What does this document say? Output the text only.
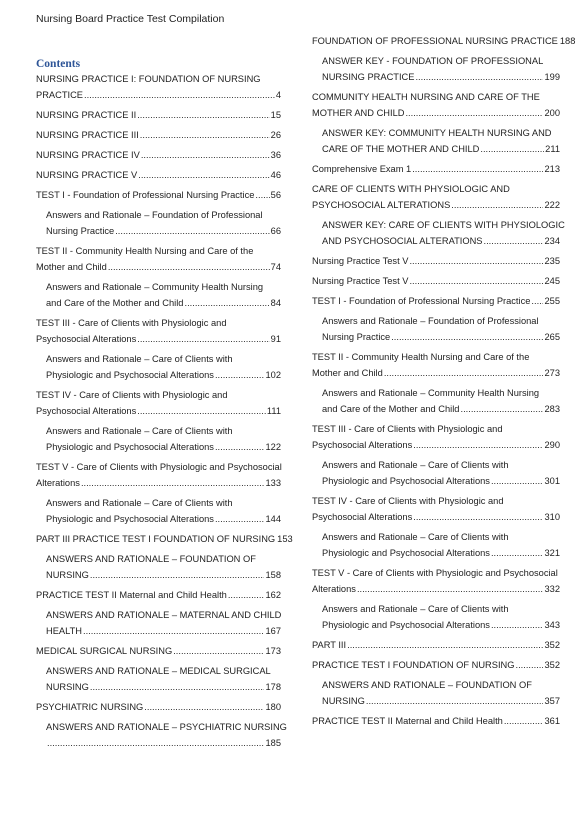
Nursing Board Practice Test Compilation
Contents
NURSING PRACTICE I: FOUNDATION OF NURSING
PRACTICE .....	4
NURSING PRACTICE II .....	15
NURSING PRACTICE III .....	26
NURSING PRACTICE IV .....	36
NURSING PRACTICE V .....	46
TEST I - Foundation of Professional Nursing Practice ..... 56
Answers and Rationale – Foundation of Professional
Nursing Practice .....	66
TEST II - Community Health Nursing and Care of the
Mother and Child .....	74
Answers and Rationale – Community Health Nursing
and Care of the Mother and Child .....	84
TEST III - Care of Clients with Physiologic and
Psychosocial Alterations .....	91
Answers and Rationale – Care of Clients with
Physiologic and Psychosocial Alterations .....	102
TEST IV - Care of Clients with Physiologic and
Psychosocial Alterations .....	111
Answers and Rationale – Care of Clients with
Physiologic and Psychosocial Alterations .....	122
TEST V - Care of Clients with Physiologic and Psychosocial
Alterations .....	133
Answers and Rationale – Care of Clients with
Physiologic and Psychosocial Alterations .....	144
PART III PRACTICE TEST I FOUNDATION OF NURSING 153
ANSWERS AND RATIONALE – FOUNDATION OF
NURSING .....	158
PRACTICE TEST II Maternal and Child Health .....	162
ANSWERS AND RATIONALE – MATERNAL AND CHILD
HEALTH .....	167
MEDICAL SURGICAL NURSING .....	173
ANSWERS AND RATIONALE – MEDICAL SURGICAL
NURSING .....	178
PSYCHIATRIC NURSING .....	180
ANSWERS AND RATIONALE – PSYCHIATRIC NURSING
.....
185
FOUNDATION OF PROFESSIONAL NURSING PRACTICE 188
ANSWER KEY - FOUNDATION OF PROFESSIONAL
NURSING PRACTICE .....	199
COMMUNITY HEALTH NURSING AND CARE OF THE
MOTHER AND CHILD .....	200
ANSWER KEY: COMMUNITY HEALTH NURSING AND
CARE OF THE MOTHER AND CHILD .....	211
Comprehensive Exam 1 .....	213
CARE OF CLIENTS WITH PHYSIOLOGIC AND
PSYCHOSOCIAL ALTERATIONS .....	222
ANSWER KEY: CARE OF CLIENTS WITH PHYSIOLOGIC
AND PSYCHOSOCIAL ALTERATIONS .....	234
Nursing Practice Test V .....	235
Nursing Practice Test V .....	245
TEST I - Foundation of Professional Nursing Practice ..... 255
Answers and Rationale – Foundation of Professional
Nursing Practice .....	265
TEST II - Community Health Nursing and Care of the
Mother and Child .....	273
Answers and Rationale – Community Health Nursing
and Care of the Mother and Child .....	283
TEST III - Care of Clients with Physiologic and
Psychosocial Alterations .....	290
Answers and Rationale – Care of Clients with
Physiologic and Psychosocial Alterations .....	301
TEST IV - Care of Clients with Physiologic and
Psychosocial Alterations .....	310
Answers and Rationale – Care of Clients with
Physiologic and Psychosocial Alterations .....	321
TEST V - Care of Clients with Physiologic and Psychosocial
Alterations .....	332
Answers and Rationale – Care of Clients with
Physiologic and Psychosocial Alterations .....	343
PART III .....	352
PRACTICE TEST I FOUNDATION OF NURSING .....	352
ANSWERS AND RATIONALE – FOUNDATION OF
NURSING .....	357
PRACTICE TEST II Maternal and Child Health .....	361
